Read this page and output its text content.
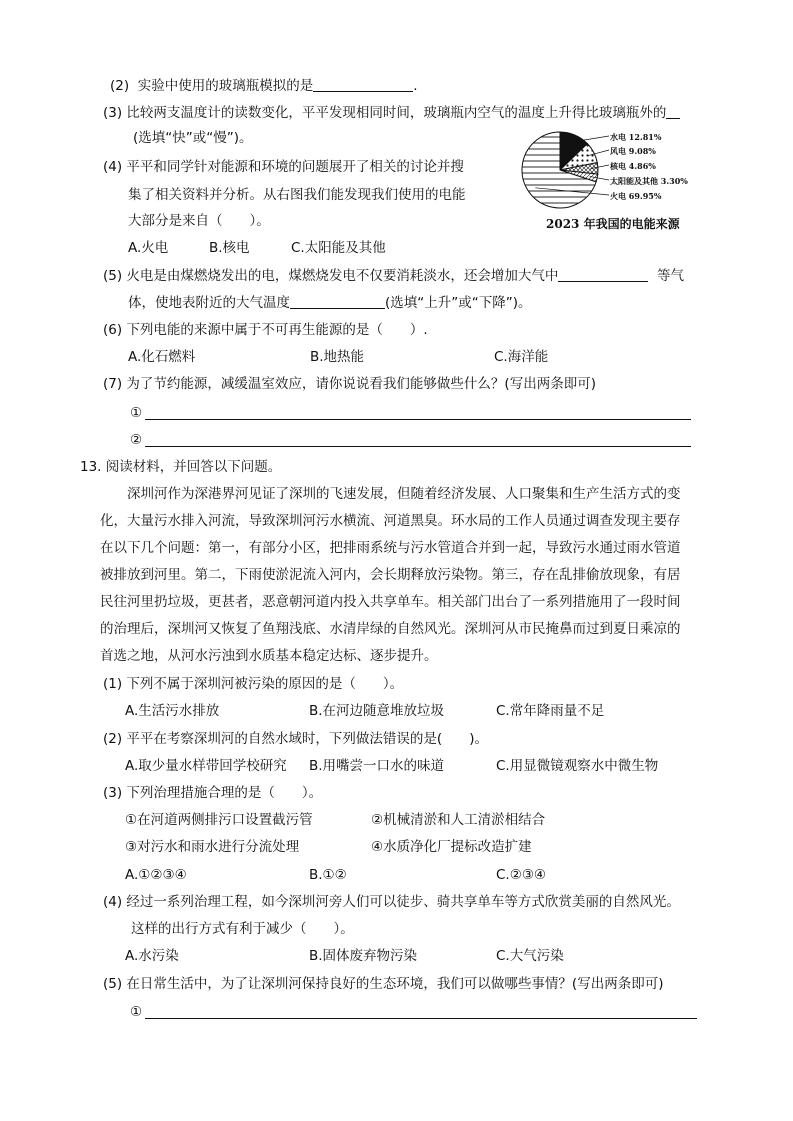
(2) 实验中使用的玻璃瓶模拟的是	.
(3) 比较两支温度计的读数变化，平平发现相同时间，玻璃瓶内空气的温度上升得比玻璃瓶外的
(选填“快”或“慢”)。
(4) 平平和同学针对能源和环境的问题展开了相关的讨论并搜
集了相关资料并分析。从右图我们能发现我们使用的电能
大部分是来自（　　）。
A.火电	B.核电	C.太阳能及其他
水电 12.81%
风电 9.08%
核电 4.86%
太阳能及其他 3.30%
火电 69.95%
2023 年我国的电能来源
(5) 火电是由煤燃烧发出的电，煤燃烧发电不仅要消耗淡水，还会增加大气中	等气
体，使地表附近的大气温度	(选填“上升”或“下降”)。
(6) 下列电能的来源中属于不可再生能源的是（　　）.
A.化石燃料	B.地热能	C.海洋能
(7) 为了节约能源，减缓温室效应，请你说说看我们能够做些什么？(写出两条即可)
①
②
13. 阅读材料，并回答以下问题。
深圳河作为深港界河见证了深圳的飞速发展，但随着经济发展、人口聚集和生产生活方式的变
化，大量污水排入河流，导致深圳河污水横流、河道黑臭。环水局的工作人员通过调查发现主要存
在以下几个问题：第一，有部分小区，把排雨系统与污水管道合并到一起，导致污水通过雨水管道
被排放到河里。第二，下雨使淤泥流入河内，会长期释放污染物。第三，存在乱排偷放现象，有居
民往河里扔垃圾，更甚者，恶意朝河道内投入共享单车。相关部门出台了一系列措施用了一段时间
的治理后，深圳河又恢复了鱼翔浅底、水清岸绿的自然风光。深圳河从市民掩鼻而过到夏日乘凉的
首选之地，从河水污浊到水质基本稳定达标、逐步提升。
(1) 下列不属于深圳河被污染的原因的是（　　）。
A.生活污水排放	B.在河边随意堆放垃圾	C.常年降雨量不足
(2) 平平在考察深圳河的自然水域时，下列做法错误的是(　　)。
A.取少量水样带回学校研究 B.用嘴尝一口水的味道	C.用显微镜观察水中微生物
(3) 下列治理措施合理的是（　　）。
①在河道两侧排污口设置截污管	②机械清淤和人工清淤相结合
③对污水和雨水进行分流处理	④水质净化厂提标改造扩建
A.①②③④	B.①②	C.②③④
(4) 经过一系列治理工程，如今深圳河旁人们可以徒步、骑共享单车等方式欣赏美丽的自然风光。
这样的出行方式有利于减少（　　）。
A.水污染	B.固体废弃物污染	C.大气污染
(5) 在日常生活中，为了让深圳河保持良好的生态环境，我们可以做哪些事情？(写出两条即可)
①
